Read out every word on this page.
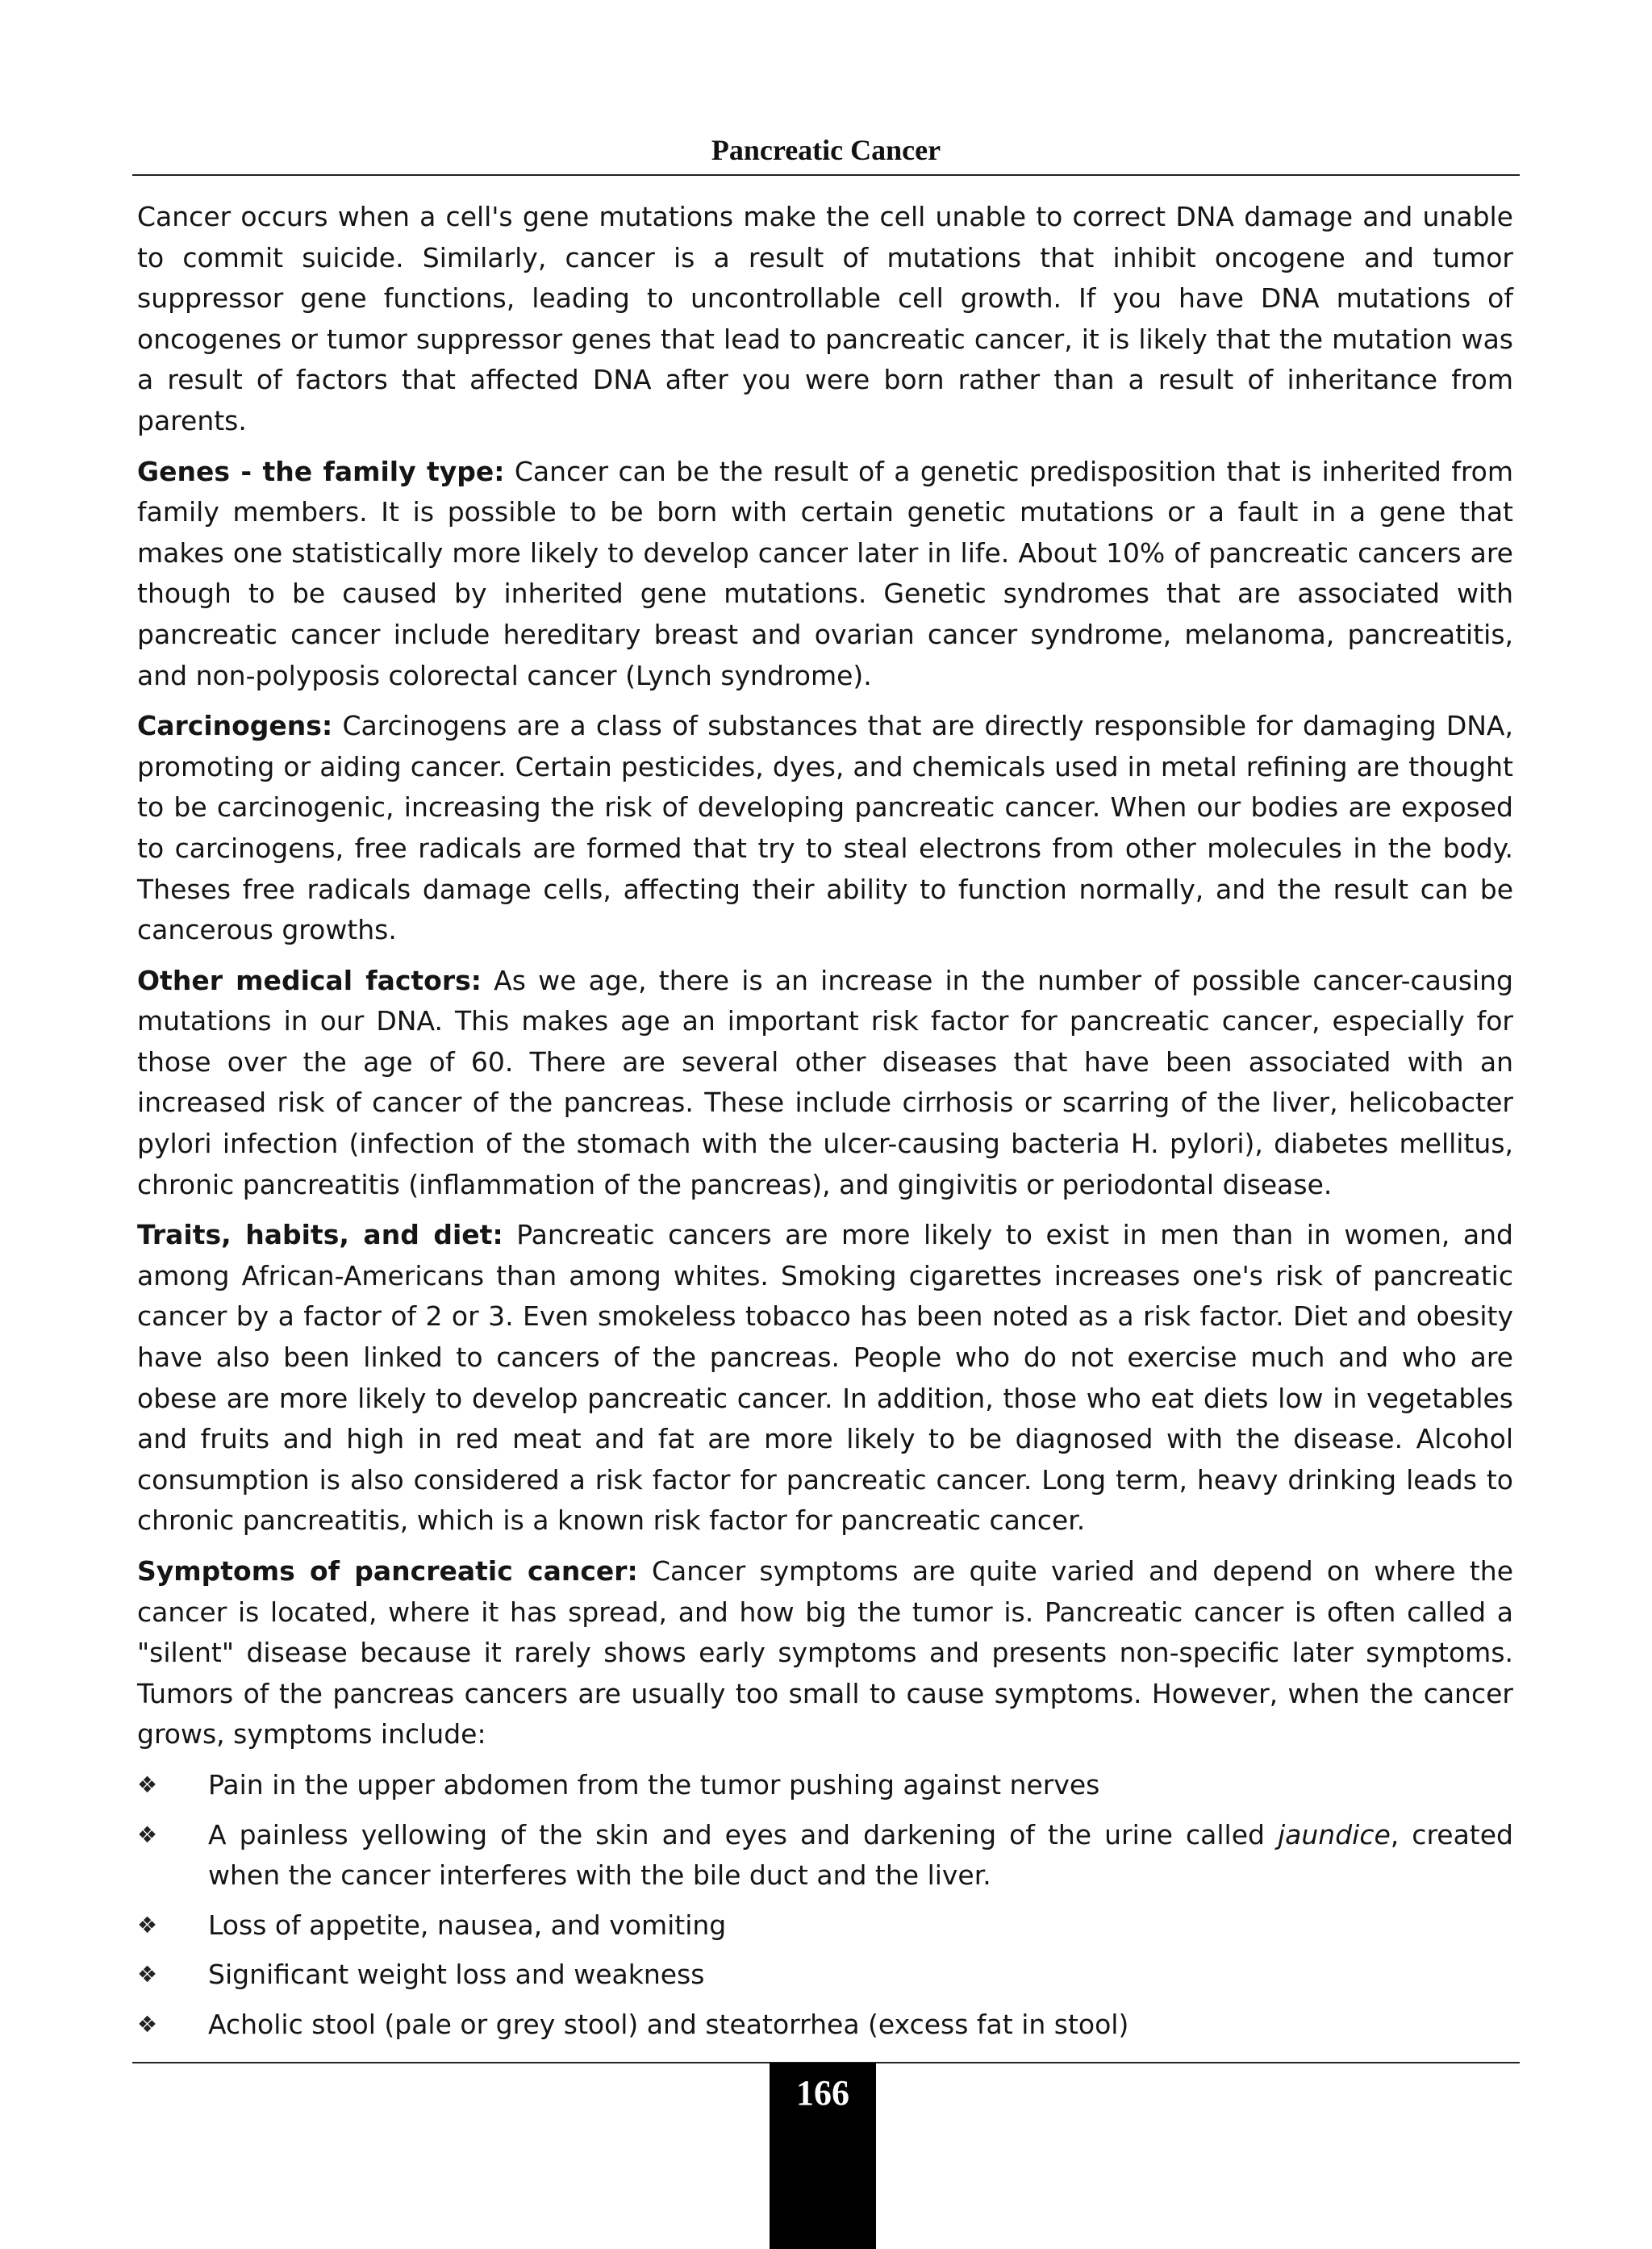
Pancreatic Cancer

Cancer occurs when a cell's gene mutations make the cell unable to correct DNA damage and unable to commit suicide. Similarly, cancer is a result of mutations that inhibit oncogene and tumor suppressor gene functions, leading to uncontrollable cell growth. If you have DNA mutations of oncogenes or tumor suppressor genes that lead to pancreatic cancer, it is likely that the mutation was a result of factors that affected DNA after you were born rather than a result of inheritance from parents.

Genes - the family type: Cancer can be the result of a genetic predisposition that is inherited from family members. It is possible to be born with certain genetic mutations or a fault in a gene that makes one statistically more likely to develop cancer later in life. About 10% of pancreatic cancers are though to be caused by inherited gene mutations. Genetic syndromes that are associated with pancreatic cancer include hereditary breast and ovarian cancer syndrome, melanoma, pancreatitis, and non-polyposis colorectal cancer (Lynch syndrome).

Carcinogens: Carcinogens are a class of substances that are directly responsible for damaging DNA, promoting or aiding cancer. Certain pesticides, dyes, and chemicals used in metal refining are thought to be carcinogenic, increasing the risk of developing pancreatic cancer. When our bodies are exposed to carcinogens, free radicals are formed that try to steal electrons from other molecules in the body. Theses free radicals damage cells, affecting their ability to function normally, and the result can be cancerous growths.

Other medical factors: As we age, there is an increase in the number of possible cancer-causing mutations in our DNA. This makes age an important risk factor for pancreatic cancer, especially for those over the age of 60. There are several other diseases that have been associated with an increased risk of cancer of the pancreas. These include cirrhosis or scarring of the liver, helicobacter pylori infection (infection of the stomach with the ulcer-causing bacteria H. pylori), diabetes mellitus, chronic pancreatitis (inflammation of the pancreas), and gingivitis or periodontal disease.

Traits, habits, and diet: Pancreatic cancers are more likely to exist in men than in women, and among African-Americans than among whites. Smoking cigarettes increases one's risk of pancreatic cancer by a factor of 2 or 3. Even smokeless tobacco has been noted as a risk factor. Diet and obesity have also been linked to cancers of the pancreas. People who do not exercise much and who are obese are more likely to develop pancreatic cancer. In addition, those who eat diets low in vegetables and fruits and high in red meat and fat are more likely to be diagnosed with the disease. Alcohol consumption is also considered a risk factor for pancreatic cancer. Long term, heavy drinking leads to chronic pancreatitis, which is a known risk factor for pancreatic cancer.

Symptoms of pancreatic cancer: Cancer symptoms are quite varied and depend on where the cancer is located, where it has spread, and how big the tumor is. Pancreatic cancer is often called a "silent" disease because it rarely shows early symptoms and presents non-specific later symptoms. Tumors of the pancreas cancers are usually too small to cause symptoms. However, when the cancer grows, symptoms include:

❖	Pain in the upper abdomen from the tumor pushing against nerves
❖	A painless yellowing of the skin and eyes and darkening of the urine called jaundice, created when the cancer interferes with the bile duct and the liver.
❖	Loss of appetite, nausea, and vomiting
❖	Significant weight loss and weakness
❖	Acholic stool (pale or grey stool) and steatorrhea (excess fat in stool)
166
